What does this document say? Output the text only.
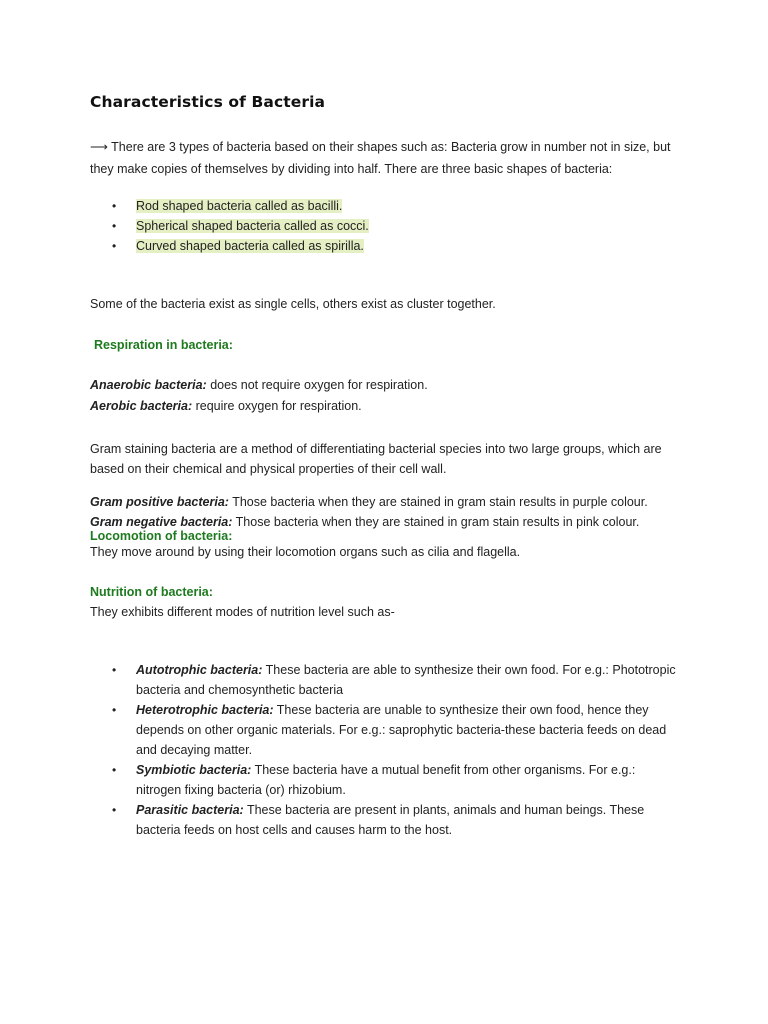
Characteristics of Bacteria

⟶ There are 3 types of bacteria based on their shapes such as: Bacteria grow in number not in size, but
they make copies of themselves by dividing into half. There are three basic shapes of bacteria:

• Rod shaped bacteria called as bacilli.
• Spherical shaped bacteria called as cocci.
• Curved shaped bacteria called as spirilla.

Some of the bacteria exist as single cells, others exist as cluster together.

Respiration in bacteria:

Anaerobic bacteria: does not require oxygen for respiration.

Aerobic bacteria: require oxygen for respiration.

Gram staining bacteria are a method of differentiating bacterial species into two large groups, which are
based on their chemical and physical properties of their cell wall.

Gram positive bacteria: Those bacteria when they are stained in gram stain results in purple colour.

Gram negative bacteria: Those bacteria when they are stained in gram stain results in pink colour.

Locomotion of bacteria:

They move around by using their locomotion organs such as cilia and flagella.

Nutrition of bacteria:

They exhibits different modes of nutrition level such as-

• Autotrophic bacteria: These bacteria are able to synthesize their own food. For e.g.: Phototropic
bacteria and chemosynthetic bacteria
• Heterotrophic bacteria: These bacteria are unable to synthesize their own food, hence they
depends on other organic materials. For e.g.: saprophytic bacteria-these bacteria feeds on dead
and decaying matter.
• Symbiotic bacteria: These bacteria have a mutual benefit from other organisms. For e.g.:
nitrogen fixing bacteria (or) rhizobium.
• Parasitic bacteria: These bacteria are present in plants, animals and human beings. These
bacteria feeds on host cells and causes harm to the host.
